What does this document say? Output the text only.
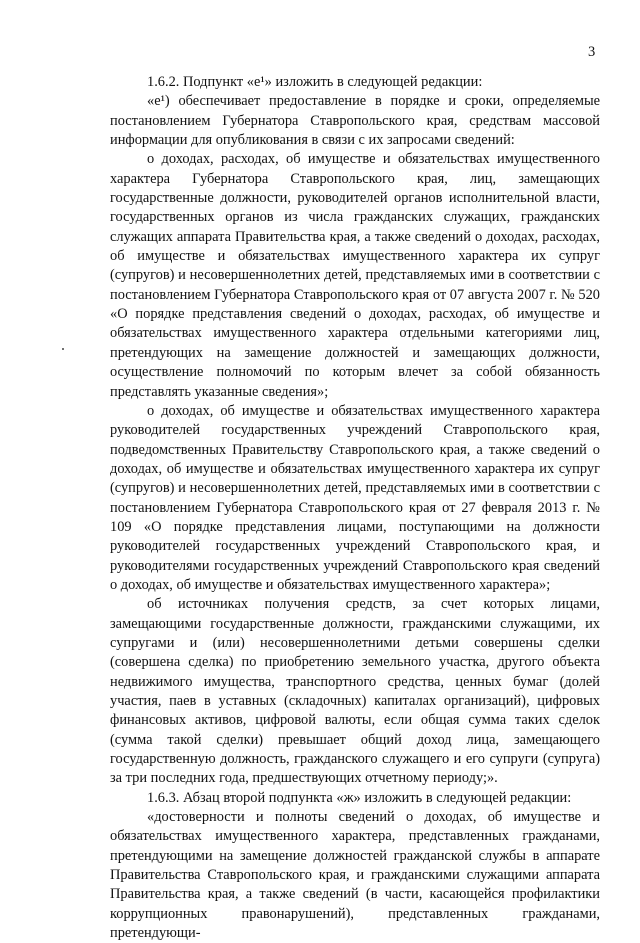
3

1.6.2. Подпункт «е¹» изложить в следующей редакции:

«е¹) обеспечивает предоставление в порядке и сроки, определяемые постановлением Губернатора Ставропольского края, средствам массовой информации для опубликования в связи с их запросами сведений:

о доходах, расходах, об имуществе и обязательствах имущественного характера Губернатора Ставропольского края, лиц, замещающих государственные должности, руководителей органов исполнительной власти, государственных органов из числа гражданских служащих, гражданских служащих аппарата Правительства края, а также сведений о доходах, расходах, об имуществе и обязательствах имущественного характера их супруг (супругов) и несовершеннолетних детей, представляемых ими в соответствии с постановлением Губернатора Ставропольского края от 07 августа 2007 г. № 520 «О порядке представления сведений о доходах, расходах, об имуществе и обязательствах имущественного характера отдельными категориями лиц, претендующих на замещение должностей и замещающих должности, осуществление полномочий по которым влечет за собой обязанность представлять указанные сведения»;

о доходах, об имуществе и обязательствах имущественного характера руководителей государственных учреждений Ставропольского края, подведомственных Правительству Ставропольского края, а также сведений о доходах, об имуществе и обязательствах имущественного характера их супруг (супругов) и несовершеннолетних детей, представляемых ими в соответствии с постановлением Губернатора Ставропольского края от 27 февраля 2013 г. № 109 «О порядке представления лицами, поступающими на должности руководителей государственных учреждений Ставропольского края, и руководителями государственных учреждений Ставропольского края сведений о доходах, об имуществе и обязательствах имущественного характера»;

об источниках получения средств, за счет которых лицами, замещающими государственные должности, гражданскими служащими, их супругами и (или) несовершеннолетними детьми совершены сделки (совершена сделка) по приобретению земельного участка, другого объекта недвижимого имущества, транспортного средства, ценных бумаг (долей участия, паев в уставных (складочных) капиталах организаций), цифровых финансовых активов, цифровой валюты, если общая сумма таких сделок (сумма такой сделки) превышает общий доход лица, замещающего государственную должность, гражданского служащего и его супруги (супруга) за три последних года, предшествующих отчетному периоду;».

1.6.3. Абзац второй подпункта «ж» изложить в следующей редакции:

«достоверности и полноты сведений о доходах, об имуществе и обязательствах имущественного характера, представленных гражданами, претендующими на замещение должностей гражданской службы в аппарате Правительства Ставропольского края, и гражданскими служащими аппарата Правительства края, а также сведений (в части, касающейся профилактики коррупционных правонарушений), представленных гражданами, претендующи-
